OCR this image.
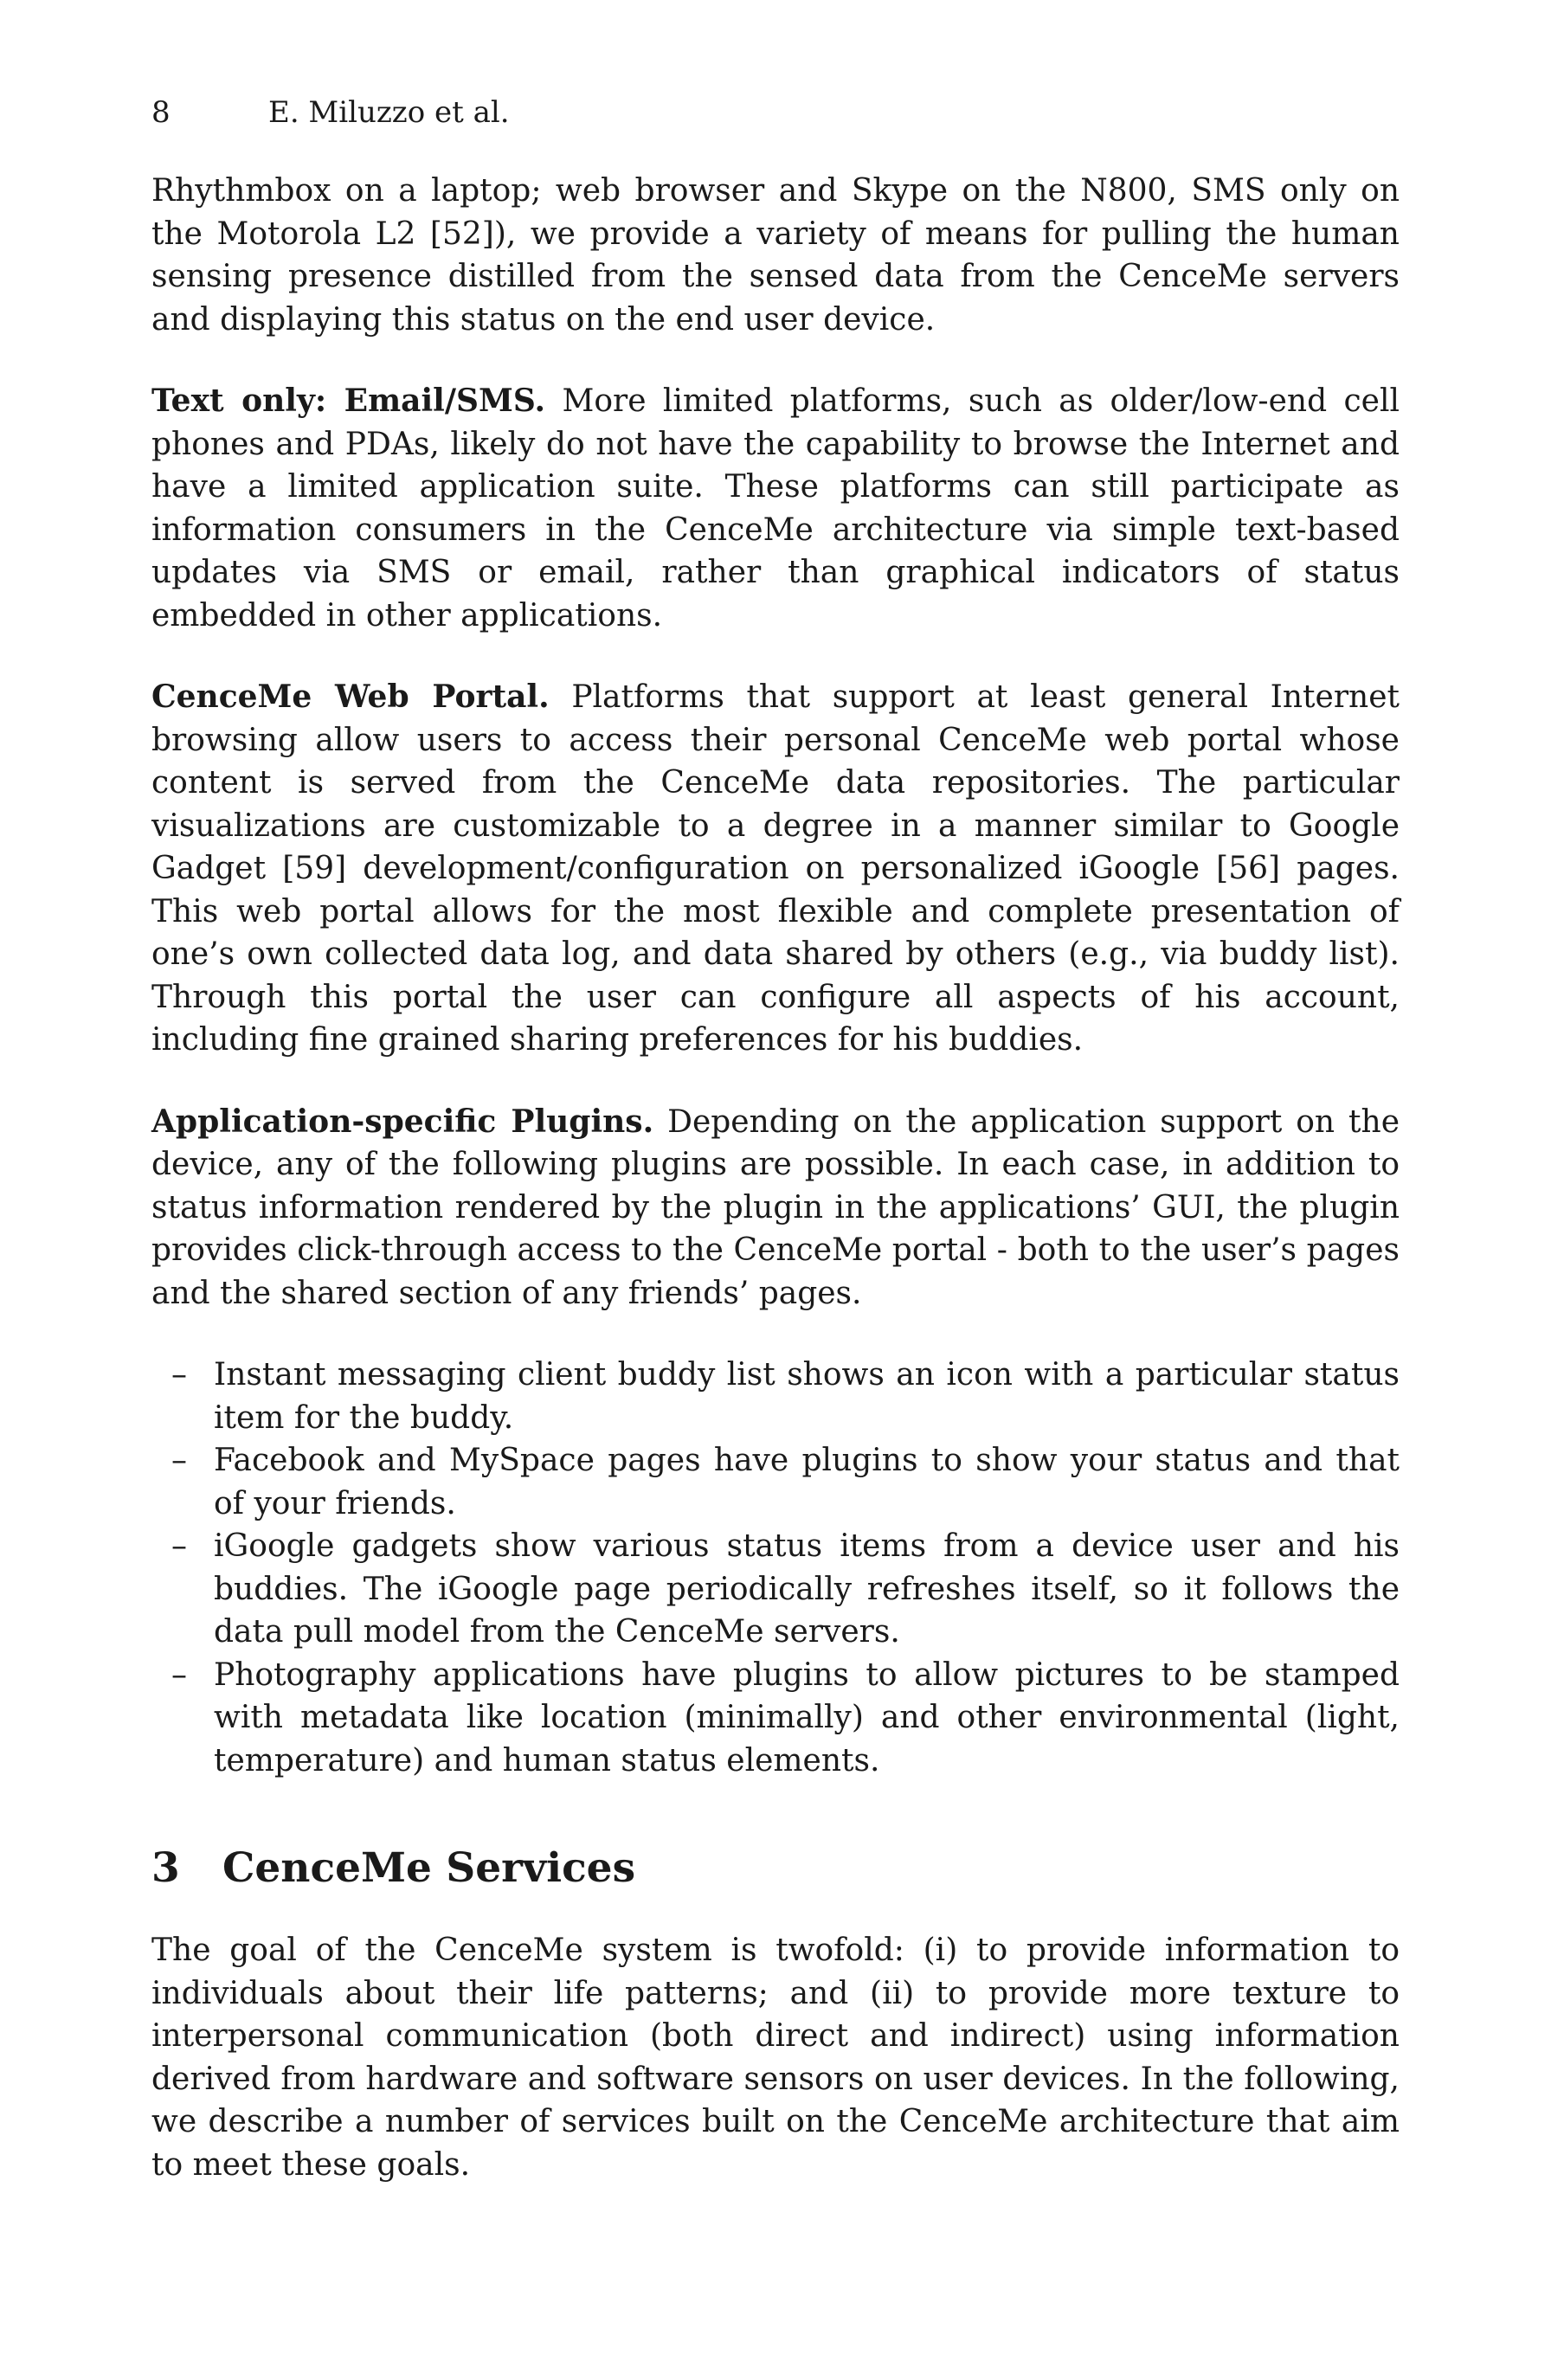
8	E. Miluzzo et al.

Rhythmbox on a laptop; web browser and Skype on the N800, SMS only on the Motorola L2 [52]), we provide a variety of means for pulling the human sensing presence distilled from the sensed data from the CenceMe servers and displaying this status on the end user device.

Text only: Email/SMS. More limited platforms, such as older/low-end cell phones and PDAs, likely do not have the capability to browse the Internet and have a limited application suite. These platforms can still participate as information consumers in the CenceMe architecture via simple text-based updates via SMS or email, rather than graphical indicators of status embedded in other applications.

CenceMe Web Portal. Platforms that support at least general Internet browsing allow users to access their personal CenceMe web portal whose content is served from the CenceMe data repositories. The particular visualizations are customizable to a degree in a manner similar to Google Gadget [59] development/configuration on personalized iGoogle [56] pages. This web portal allows for the most flexible and complete presentation of one’s own collected data log, and data shared by others (e.g., via buddy list). Through this portal the user can configure all aspects of his account, including fine grained sharing preferences for his buddies.

Application-specific Plugins. Depending on the application support on the device, any of the following plugins are possible. In each case, in addition to status information rendered by the plugin in the applications’ GUI, the plugin provides click-through access to the CenceMe portal - both to the user’s pages and the shared section of any friends’ pages.

– Instant messaging client buddy list shows an icon with a particular status item for the buddy.
– Facebook and MySpace pages have plugins to show your status and that of your friends.
– iGoogle gadgets show various status items from a device user and his buddies. The iGoogle page periodically refreshes itself, so it follows the data pull model from the CenceMe servers.
– Photography applications have plugins to allow pictures to be stamped with metadata like location (minimally) and other environmental (light, temperature) and human status elements.
3	CenceMe Services

The goal of the CenceMe system is twofold: (i) to provide information to individuals about their life patterns; and (ii) to provide more texture to interpersonal communication (both direct and indirect) using information derived from hardware and software sensors on user devices. In the following, we describe a number of services built on the CenceMe architecture that aim to meet these goals.
